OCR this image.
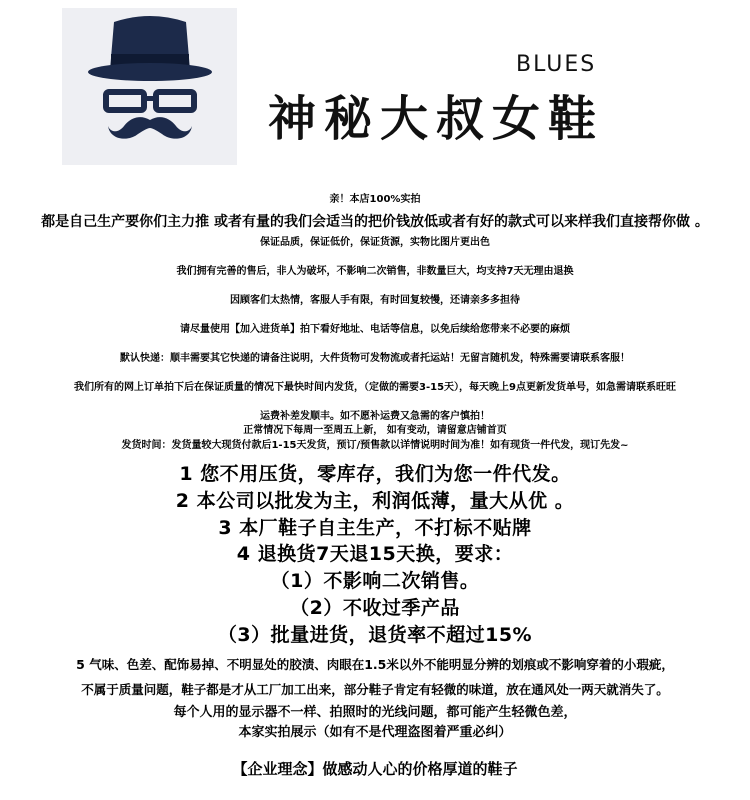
BLUES
神秘大叔女鞋
亲！本店100%实拍
都是自己生产要你们主力推 或者有量的我们会适当的把价钱放低或者有好的款式可以来样我们直接帮你做 。
保证品质，保证低价，保证货源，实物比图片更出色
我们拥有完善的售后，非人为破坏，不影响二次销售，非数量巨大，均支持7天无理由退换
因顾客们太热情，客服人手有限，有时回复较慢，还请亲多多担待
请尽量使用【加入进货单】拍下看好地址、电话等信息，以免后续给您带来不必要的麻烦
默认快递：顺丰需要其它快递的请备注说明，大件货物可发物流或者托运站！无留言随机发，特殊需要请联系客服！
我们所有的网上订单拍下后在保证质量的情况下最快时间内发货，（定做的需要3-15天），每天晚上9点更新发货单号，如急需请联系旺旺
运费补差发顺丰。如不愿补运费又急需的客户慎拍！
正常情况下每周一至周五上新， 如有变动，请留意店铺首页
发货时间：发货量较大现货付款后1-15天发货，预订/预售款以详情说明时间为准！如有现货一件代发，现订先发~
1 您不用压货，零库存，我们为您一件代发。
2 本公司以批发为主，利润低薄，量大从优 。
3 本厂鞋子自主生产，不打标不贴牌
4 退换货7天退15天换，要求：
（1）不影响二次销售。
（2）不收过季产品
（3）批量进货，退货率不超过15%
5 气味、色差、配饰易掉、不明显处的胶渍、肉眼在1.5米以外不能明显分辨的划痕或不影响穿着的小瑕疵，
不属于质量问题，鞋子都是才从工厂加工出来，部分鞋子肯定有轻微的味道，放在通风处一两天就消失了。
每个人用的显示器不一样、拍照时的光线问题，都可能产生轻微色差，
本家实拍展示（如有不是代理盗图着严重必纠）
【企业理念】做感动人心的价格厚道的鞋子
